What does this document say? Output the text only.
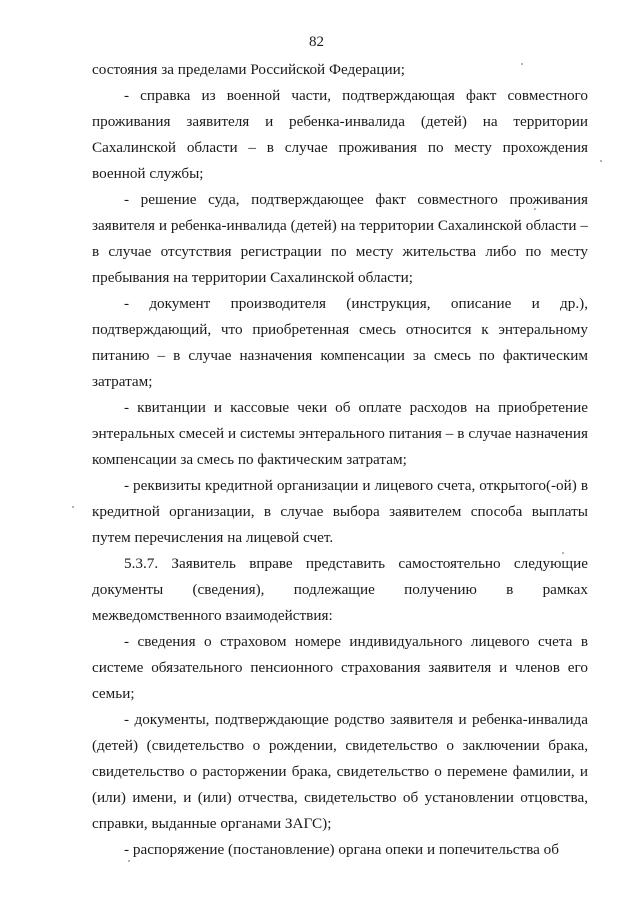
82

состояния за пределами Российской Федерации;

- справка из военной части, подтверждающая факт совместного проживания заявителя и ребенка-инвалида (детей) на территории Сахалинской области – в случае проживания по месту прохождения военной службы;

- решение суда, подтверждающее факт совместного проживания заявителя и ребенка-инвалида (детей) на территории Сахалинской области – в случае отсутствия регистрации по месту жительства либо по месту пребывания на территории Сахалинской области;

- документ производителя (инструкция, описание и др.), подтверждающий, что приобретенная смесь относится к энтеральному питанию – в случае назначения компенсации за смесь по фактическим затратам;

- квитанции и кассовые чеки об оплате расходов на приобретение энтеральных смесей и системы энтерального питания – в случае назначения компенсации за смесь по фактическим затратам;

- реквизиты кредитной организации и лицевого счета, открытого(-ой) в кредитной организации, в случае выбора заявителем способа выплаты путем перечисления на лицевой счет.

5.3.7. Заявитель вправе представить самостоятельно следующие документы (сведения), подлежащие получению в рамках межведомственного взаимодействия:

- сведения о страховом номере индивидуального лицевого счета в системе обязательного пенсионного страхования заявителя и членов его семьи;

- документы, подтверждающие родство заявителя и ребенка-инвалида (детей) (свидетельство о рождении, свидетельство о заключении брака, свидетельство о расторжении брака, свидетельство о перемене фамилии, и (или) имени, и (или) отчества, свидетельство об установлении отцовства, справки, выданные органами ЗАГС);

- распоряжение (постановление) органа опеки и попечительства об
